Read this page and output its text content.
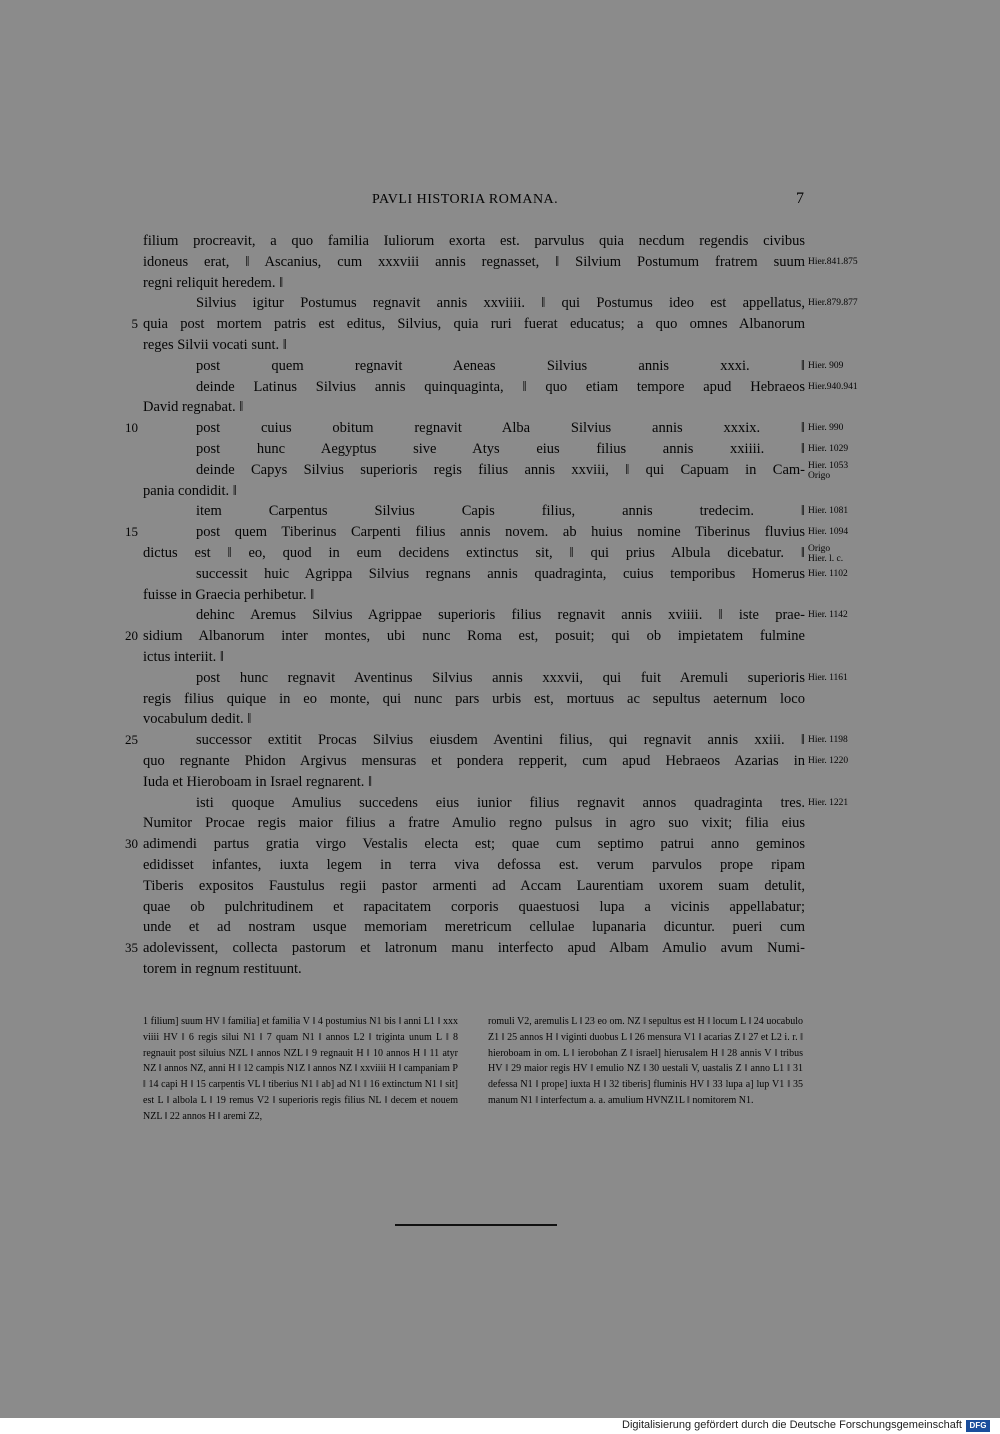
PAVLI HISTORIA ROMANA.	7
filium procreavit, a quo familia Iuliorum exorta est. parvulus quia necdum regendis civibus
idoneus erat, ‖ Ascanius, cum xxxviii annis regnasset, ‖ Silvium Postumum fratrem suum Hier.841.875
regni reliquit heredem. ‖
Silvius igitur Postumus regnavit annis xxviiii. ‖ qui Postumus ideo est appellatus, Hier.879.877
5 quia post mortem patris est editus, Silvius, quia ruri fuerat educatus; a quo omnes Albanorum
reges Silvii vocati sunt. ‖
post quem regnavit Aeneas Silvius annis xxxi. ‖ Hier. 909
deinde Latinus Silvius annis quinquaginta, ‖ quo etiam tempore apud Hebraeos Hier.940.941
David regnabat. ‖
10	post cuius obitum regnavit Alba Silvius annis xxxix. ‖ Hier. 990
post hunc Aegyptus sive Atys eius filius annis xxiiii. ‖ Hier. 1029
deinde Capys Silvius superioris regis filius annis xxviii, ‖ qui Capuam in Cam- Hier. 1053
Origo
pania condidit. ‖
item Carpentus Silvius Capis filius, annis tredecim. ‖ Hier. 1081
15	post quem Tiberinus Carpenti filius annis novem. ab huius nomine Tiberinus fluvius Hier. 1094
dictus est ‖ eo, quod in eum decidens extinctus sit, ‖ qui prius Albula dicebatur. ‖ Origo
Hier. l. c.
successit huic Agrippa Silvius regnans annis quadraginta, cuius temporibus Homerus Hier. 1102
fuisse in Graecia perhibetur. ‖
dehinc Aremus Silvius Agrippae superioris filius regnavit annis xviiii. ‖ iste prae- Hier. 1142
20 sidium Albanorum inter montes, ubi nunc Roma est, posuit; qui ob impietatem fulmine
ictus interiit. ‖
post hunc regnavit Aventinus Silvius annis xxxvii, qui fuit Aremuli superioris Hier. 1161
regis filius quique in eo monte, qui nunc pars urbis est, mortuus ac sepultus aeternum loco
vocabulum dedit. ‖
25	successor extitit Procas Silvius eiusdem Aventini filius, qui regnavit annis xxiii. ‖ Hier. 1198
quo regnante Phidon Argivus mensuras et pondera repperit, cum apud Hebraeos Azarias in Hier. 1220
Iuda et Hieroboam in Israel regnarent. ‖
isti quoque Amulius succedens eius iunior filius regnavit annos quadraginta tres. Hier. 1221
Numitor Procae regis maior filius a fratre Amulio regno pulsus in agro suo vixit; filia eius
30 adimendi partus gratia virgo Vestalis electa est; quae cum septimo patrui anno geminos
edidisset infantes, iuxta legem in terra viva defossa est. verum parvulos prope ripam
Tiberis expositos Faustulus regii pastor armenti ad Accam Laurentiam uxorem suam detulit,
quae ob pulchritudinem et rapacitatem corporis quaestuosi lupa a vicinis appellabatur;
unde et ad nostram usque memoriam meretricum cellulae lupanaria dicuntur. pueri cum
35 adolevissent, collecta pastorum et latronum manu interfecto apud Albam Amulio avum Numi-
torem in regnum restituunt.
1 filium] suum HV ‖ familia] et familia V ‖ 4 postumius N1 bis ‖ anni L1 ‖ xxx viiii HV ‖ 6 regis silui N1 ‖ 7 quam N1 ‖ annos L2 ‖ triginta unum L ‖ 8 regnauit post siluius NZL ‖ annos NZL ‖ 9 regnauit H ‖ 10 annos H ‖ 11 atyr NZ ‖ annos NZ, anni H ‖ 12 campis N1Z ‖ annos NZ ‖ xxviiii H ‖ campaniam P ‖ 14 capi H ‖ 15 carpentis VL ‖ tiberius N1 ‖ ab] ad N1 ‖ 16 extinctum N1 ‖ sit] est L ‖ albola L ‖ 19 remus V2 ‖ superioris regis filius NL ‖ decem et nouem NZL ‖ 22 annos H ‖ aremi Z2,
romuli V2, aremulis L ‖ 23 eo om. NZ ‖ sepultus est H ‖ locum L ‖ 24 uocabulo Z1 ‖ 25 annos H ‖ viginti duobus L ‖ 26 mensura V1 ‖ acarias Z ‖ 27 et L2 i. r. ‖ hieroboam in om. L ‖ ierobohan Z ‖ israel] hierusalem H ‖ 28 annis V ‖ tribus HV ‖ 29 maior regis HV ‖ emulio NZ ‖ 30 uestali V, uastalis Z ‖ anno L1 ‖ 31 defessa N1 ‖ prope] iuxta H ‖ 32 tiberis] fluminis HV ‖ 33 lupa a] lup V1 ‖ 35 manum N1 ‖ interfectum a. a. amulium HVNZ1L ‖ nomitorem N1.
Digitalisierung gefördert durch die Deutsche Forschungsgemeinschaft DFG
